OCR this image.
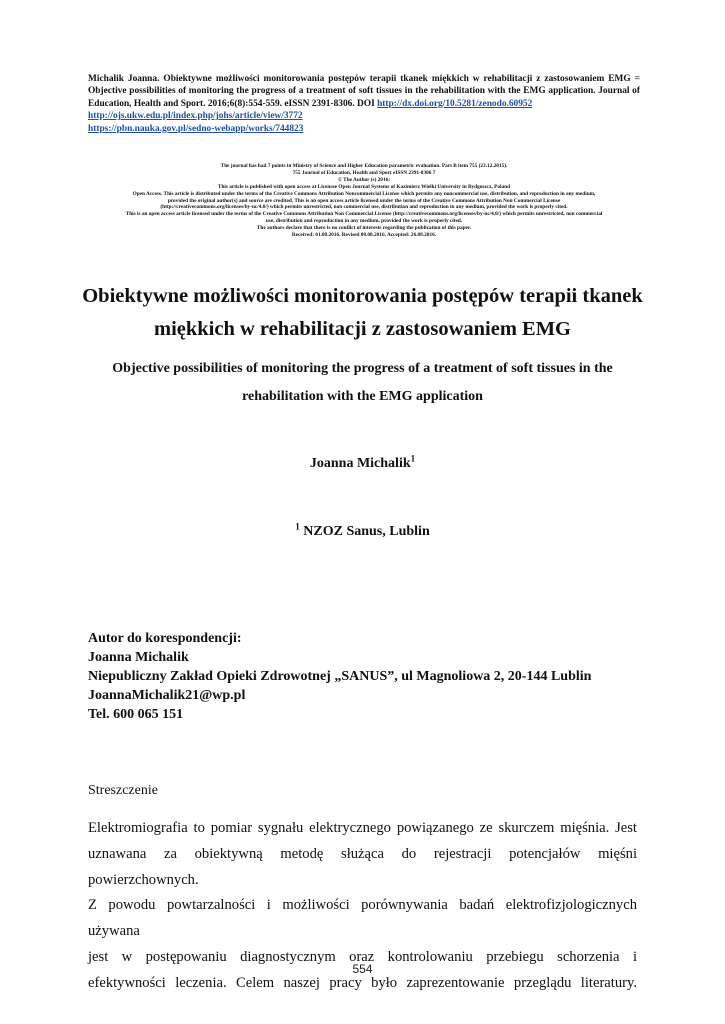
Michalik Joanna. Obiektywne możliwości monitorowania postępów terapii tkanek miękkich w rehabilitacji z zastosowaniem EMG = Objective possibilities of monitoring the progress of a treatment of soft tissues in the rehabilitation with the EMG application. Journal of Education, Health and Sport. 2016;6(8):554-559. eISSN 2391-8306. DOI http://dx.doi.org/10.5281/zenodo.60952
http://ojs.ukw.edu.pl/index.php/johs/article/view/3772
https://pbn.nauka.gov.pl/sedno-webapp/works/744823
The journal has had 7 points in Ministry of Science and Higher Education parametric evaluation. Part B item 755 (23.12.2015).
755 Journal of Education, Health and Sport eISSN 2391-8306 7
© The Author (s) 2016;
This article is published with open access at Licensee Open Journal Systems of Kazimierz Wielki University in Bydgoszcz, Poland
Open Access. This article is distributed under the terms of the Creative Commons Attribution Noncommercial License which permits any noncommercial use, distribution, and reproduction in any medium,
provided the original author(s) and source are credited. This is an open access article licensed under the terms of the Creative Commons Attribution Non Commercial License
(http://creativecommons.org/licenses/by-nc/4.0/) which permits unrestricted, non commercial use, distribution and reproduction in any medium, provided the work is properly cited.
This is an open access article licensed under the terms of the Creative Commons Attribution Non Commercial License (http://creativecommons.org/licenses/by-nc/4.0/) which permits unrestricted, non commercial
use, distribution and reproduction in any medium, provided the work is properly cited.
The authors declare that there is no conflict of interests regarding the publication of this paper.
Received: 01.08.2016. Revised 08.08.2016. Accepted: 26.08.2016.
Obiektywne możliwości monitorowania postępów terapii tkanek miękkich w rehabilitacji z zastosowaniem EMG
Objective possibilities of monitoring the progress of a treatment of soft tissues in the rehabilitation with the EMG application
Joanna Michalik$^1$
$^1$ NZOZ Sanus, Lublin
Autor do korespondencji:
Joanna Michalik
Niepubliczny Zakład Opieki Zdrowotnej „SANUS”, ul Magnoliowa 2, 20-144 Lublin
JoannaMichalik21@wp.pl
Tel. 600 065 151
Streszczenie
Elektromiografia to pomiar sygnału elektrycznego powiązanego ze skurczem mięśnia. Jest
uznawana za obiektywną metodę służąca do rejestracji potencjałów mięśni powierzchownych.
Z powodu powtarzalności i możliwości porównywania badań elektrofizjologicznych używana
jest w postępowaniu diagnostycznym oraz kontrolowaniu przebiegu schorzenia i
efektywności leczenia. Celem naszej pracy było zaprezentowanie przeglądu literatury.
554
